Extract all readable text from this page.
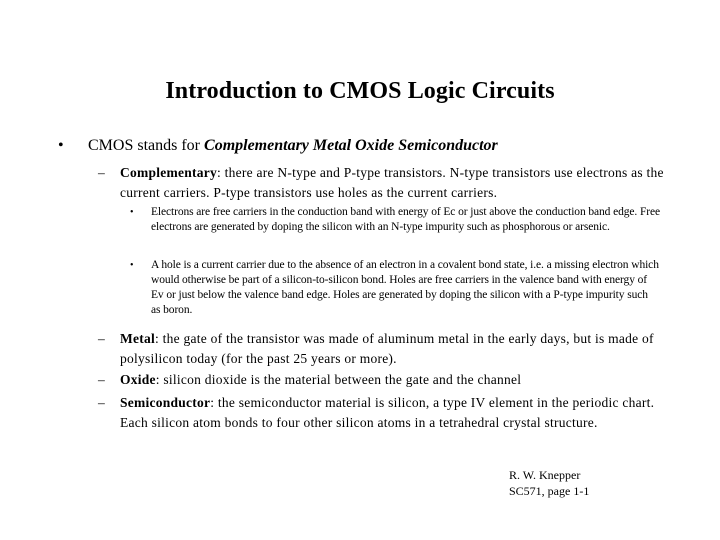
Introduction to CMOS Logic Circuits
• CMOS stands for Complementary Metal Oxide Semiconductor
– Complementary: there are N-type and P-type transistors. N-type transistors use electrons as the current carriers. P-type transistors use holes as the current carriers.
• Electrons are free carriers in the conduction band with energy of Ec or just above the conduction band edge. Free electrons are generated by doping the silicon with an N-type impurity such as phosphorous or arsenic.
• A hole is a current carrier due to the absence of an electron in a covalent bond state, i.e. a missing electron which would otherwise be part of a silicon-to-silicon bond. Holes are free carriers in the valence band with energy of Ev or just below the valence band edge. Holes are generated by doping the silicon with a P-type impurity such as boron.
– Metal: the gate of the transistor was made of aluminum metal in the early days, but is made of polysilicon today (for the past 25 years or more).
– Oxide: silicon dioxide is the material between the gate and the channel
– Semiconductor: the semiconductor material is silicon, a type IV element in the periodic chart. Each silicon atom bonds to four other silicon atoms in a tetrahedral crystal structure.
R. W. Knepper
SC571, page 1-1
